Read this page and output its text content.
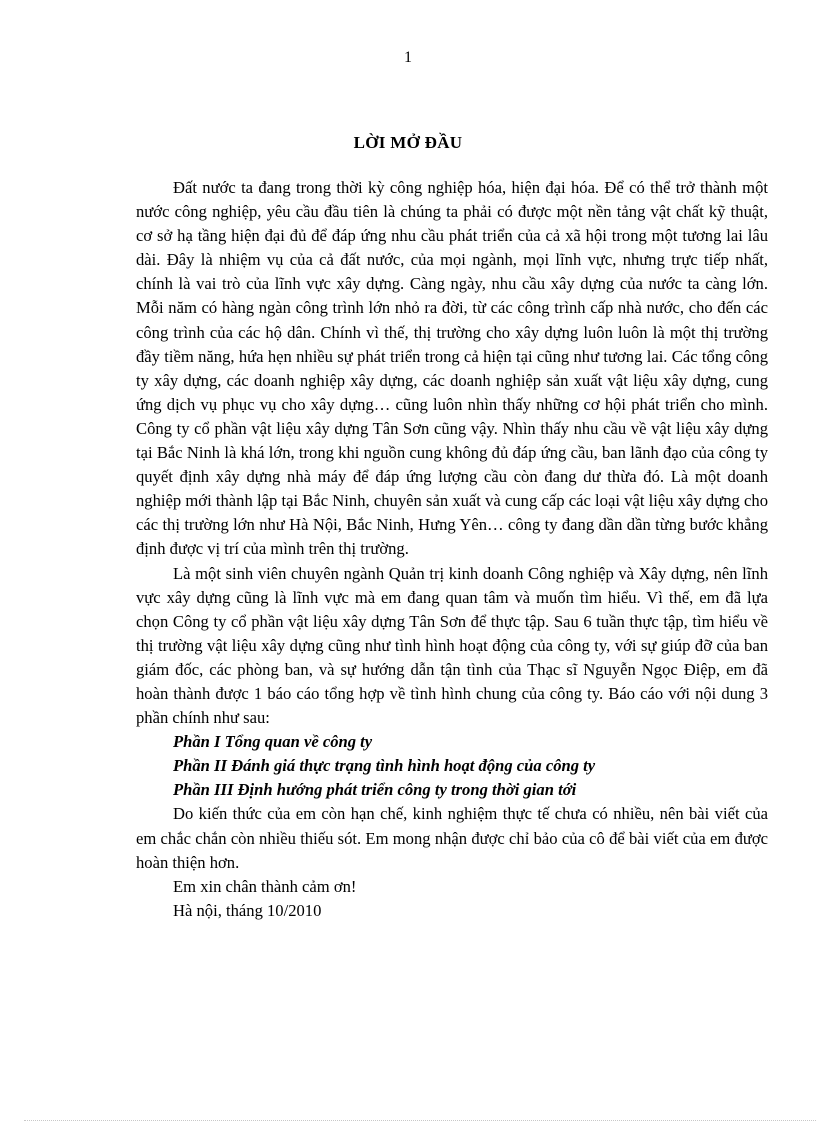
1
LỜI MỞ ĐẦU

Đất nước ta đang trong thời kỳ công nghiệp hóa, hiện đại hóa. Để có thể trở thành một nước công nghiệp, yêu cầu đầu tiên là chúng ta phải có được một nền tảng vật chất kỹ thuật, cơ sở hạ tầng hiện đại đủ để đáp ứng nhu cầu phát triển của cả xã hội trong một tương lai lâu dài. Đây là nhiệm vụ của cả đất nước, của mọi ngành, mọi lĩnh vực, nhưng trực tiếp nhất, chính là vai trò của lĩnh vực xây dựng. Càng ngày, nhu cầu xây dựng của nước ta càng lớn. Mỗi năm có hàng ngàn công trình lớn nhỏ ra đời, từ các công trình cấp nhà nước, cho đến các công trình của các hộ dân. Chính vì thế, thị trường cho xây dựng luôn luôn là một thị trường đầy tiềm năng, hứa hẹn nhiều sự phát triển trong cả hiện tại cũng như tương lai. Các tổng công ty xây dựng, các doanh nghiệp xây dựng, các doanh nghiệp sản xuất vật liệu xây dựng, cung ứng dịch vụ phục vụ cho xây dựng… cũng luôn nhìn thấy những cơ hội phát triển cho mình. Công ty cổ phần vật liệu xây dựng Tân Sơn cũng vậy. Nhìn thấy nhu cầu về vật liệu xây dựng tại Bắc Ninh là khá lớn, trong khi nguồn cung không đủ đáp ứng cầu, ban lãnh đạo của công ty quyết định xây dựng nhà máy để đáp ứng lượng cầu còn đang dư thừa đó. Là một doanh nghiệp mới thành lập tại Bắc Ninh, chuyên sản xuất và cung cấp các loại vật liệu xây dựng cho các thị trường lớn như Hà Nội, Bắc Ninh, Hưng Yên… công ty đang dần dần từng bước khẳng định được vị trí của mình trên thị trường.

Là một sinh viên chuyên ngành Quản trị kinh doanh Công nghiệp và Xây dựng, nên lĩnh vực xây dựng cũng là lĩnh vực mà em đang quan tâm và muốn tìm hiểu. Vì thế, em đã lựa chọn Công ty cổ phần vật liệu xây dựng Tân Sơn để thực tập. Sau 6 tuần thực tập, tìm hiểu về thị trường vật liệu xây dựng cũng như tình hình hoạt động của công ty, với sự giúp đỡ của ban giám đốc, các phòng ban, và sự hướng dẫn tận tình của Thạc sĩ Nguyễn Ngọc Điệp, em đã hoàn thành được 1 báo cáo tổng hợp về tình hình chung của công ty. Báo cáo với nội dung 3 phần chính như sau:

Phần I Tổng quan về công ty

Phần II Đánh giá thực trạng tình hình hoạt động của công ty

Phần III Định hướng phát triển công ty trong thời gian tới

Do kiến thức của em còn hạn chế, kinh nghiệm thực tế chưa có nhiều, nên bài viết của em chắc chắn còn nhiều thiếu sót. Em mong nhận được chỉ bảo của cô để bài viết của em được hoàn thiện hơn.

Em xin chân thành cảm ơn!

Hà nội, tháng 10/2010
